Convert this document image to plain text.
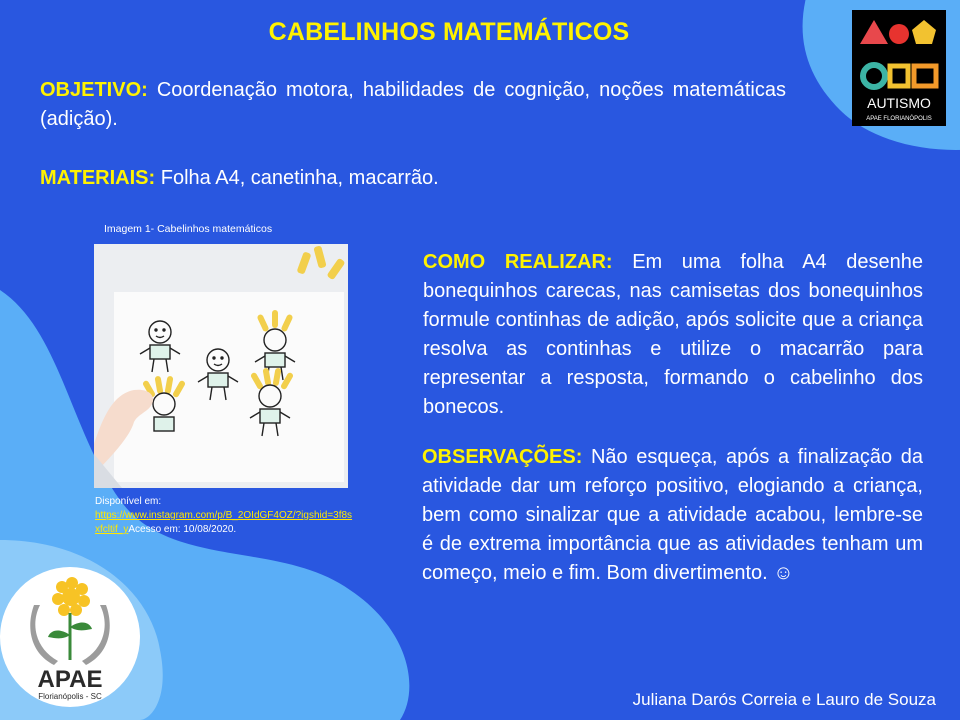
CABELINHOS MATEMÁTICOS
OBJETIVO: Coordenação motora, habilidades de cognição, noções matemáticas (adição).
MATERIAIS: Folha A4, canetinha, macarrão.
Imagem 1- Cabelinhos matemáticos
Disponível em:
https://www.instagram.com/p/B_2OIdGF4OZ/?igshid=3f8sxfcltif_yAcesso em: 10/08/2020.
COMO REALIZAR: Em uma folha A4 desenhe bonequinhos carecas, nas camisetas dos bonequinhos formule continhas de adição, após solicite que a criança resolva as continhas e utilize o macarrão para representar a resposta, formando o cabelinho dos bonecos.
OBSERVAÇÕES: Não esqueça, após a finalização da atividade dar um reforço positivo, elogiando a criança, bem como sinalizar que a atividade acabou, lembre-se é de extrema importância que as atividades tenham um começo, meio e fim. Bom divertimento. ☺
AUTISMO
APAE FLORIANÓPOLIS
APAE
Florianópolis - SC	Juliana Darós Correia e Lauro de Souza
